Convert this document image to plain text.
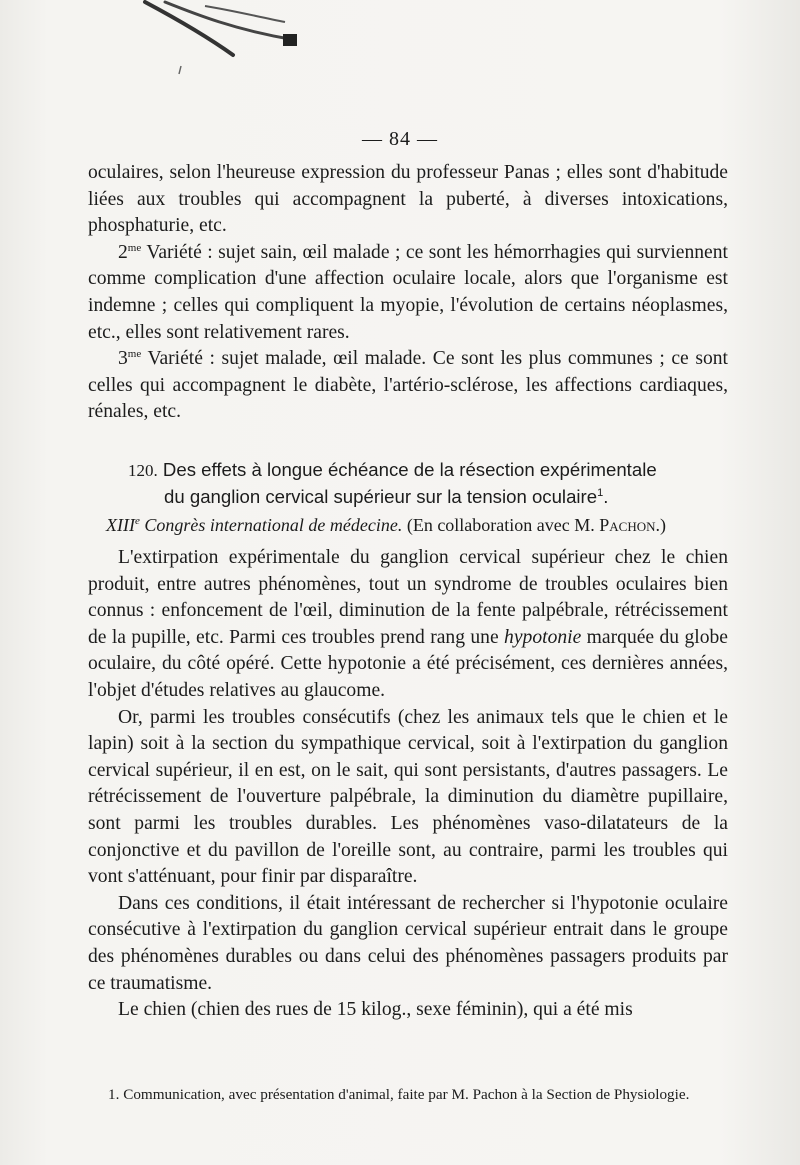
— 84 —

oculaires, selon l'heureuse expression du professeur Panas ; elles sont d'habitude liées aux troubles qui accompagnent la puberté, à diverses intoxications, phosphaturie, etc.

$2^{me}$ Variété : sujet sain, œil malade ; ce sont les hémorrhagies qui surviennent comme complication d'une affection oculaire locale, alors que l'organisme est indemne ; celles qui compliquent la myopie, l'évolution de certains néoplasmes, etc., elles sont relativement rares.

$3^{me}$ Variété : sujet malade, œil malade. Ce sont les plus communes ; ce sont celles qui accompagnent le diabète, l'artério-sclérose, les affections cardiaques, rénales, etc.

120. Des effets à longue échéance de la résection expérimentale
du ganglion cervical supérieur sur la tension oculaire$^1$.
XIIIe Congrès international de médecine. (En collaboration avec M. Pachon.)

L'extirpation expérimentale du ganglion cervical supérieur chez le chien produit, entre autres phénomènes, tout un syndrome de troubles oculaires bien connus : enfoncement de l'œil, diminution de la fente palpébrale, rétrécissement de la pupille, etc. Parmi ces troubles prend rang une hypotonie marquée du globe oculaire, du côté opéré. Cette hypotonie a été précisément, ces dernières années, l'objet d'études relatives au glaucome.

Or, parmi les troubles consécutifs (chez les animaux tels que le chien et le lapin) soit à la section du sympathique cervical, soit à l'extirpation du ganglion cervical supérieur, il en est, on le sait, qui sont persistants, d'autres passagers. Le rétrécissement de l'ouverture palpébrale, la diminution du diamètre pupillaire, sont parmi les troubles durables. Les phénomènes vaso-dilatateurs de la conjonctive et du pavillon de l'oreille sont, au contraire, parmi les troubles qui vont s'atténuant, pour finir par disparaître.

Dans ces conditions, il était intéressant de rechercher si l'hypotonie oculaire consécutive à l'extirpation du ganglion cervical supérieur entrait dans le groupe des phénomènes durables ou dans celui des phénomènes passagers produits par ce traumatisme.

Le chien (chien des rues de 15 kilog., sexe féminin), qui a été mis

1. Communication, avec présentation d'animal, faite par M. Pachon à la Section de Physiologie.
